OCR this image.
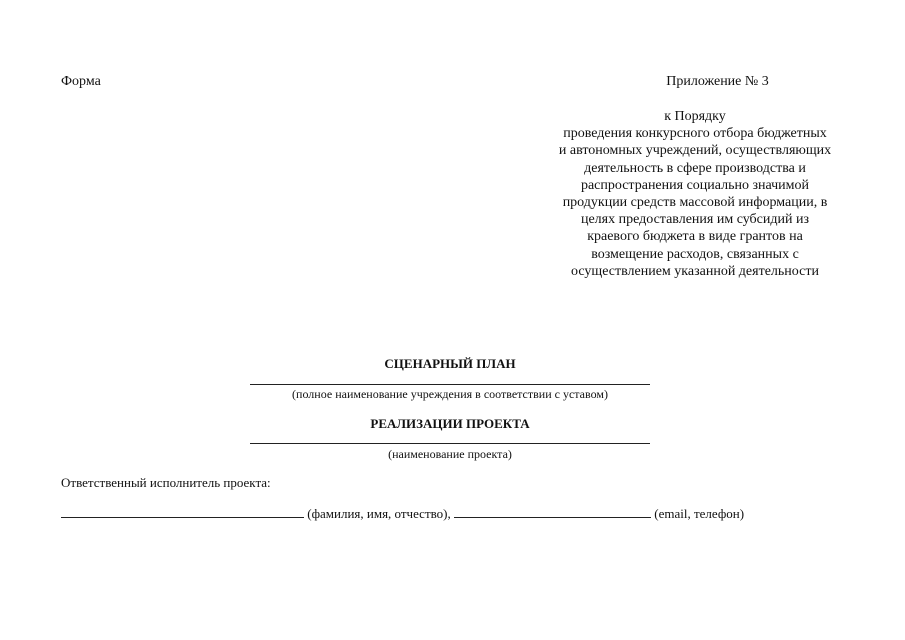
Форма	Приложение № 3
к Порядку
проведения конкурсного отбора бюджетных
и автономных учреждений, осуществляющих
деятельность в сфере производства и
распространения социально значимой
продукции средств массовой информации, в
целях предоставления им субсидий из
краевого бюджета в виде грантов на
возмещение расходов, связанных с
осуществлением указанной деятельности
СЦЕНАРНЫЙ ПЛАН
(полное наименование учреждения в соответствии с уставом)
РЕАЛИЗАЦИИ ПРОЕКТА
(наименование проекта)
Ответственный исполнитель проекта:
(фамилия, имя, отчество),	(email, телефон)
